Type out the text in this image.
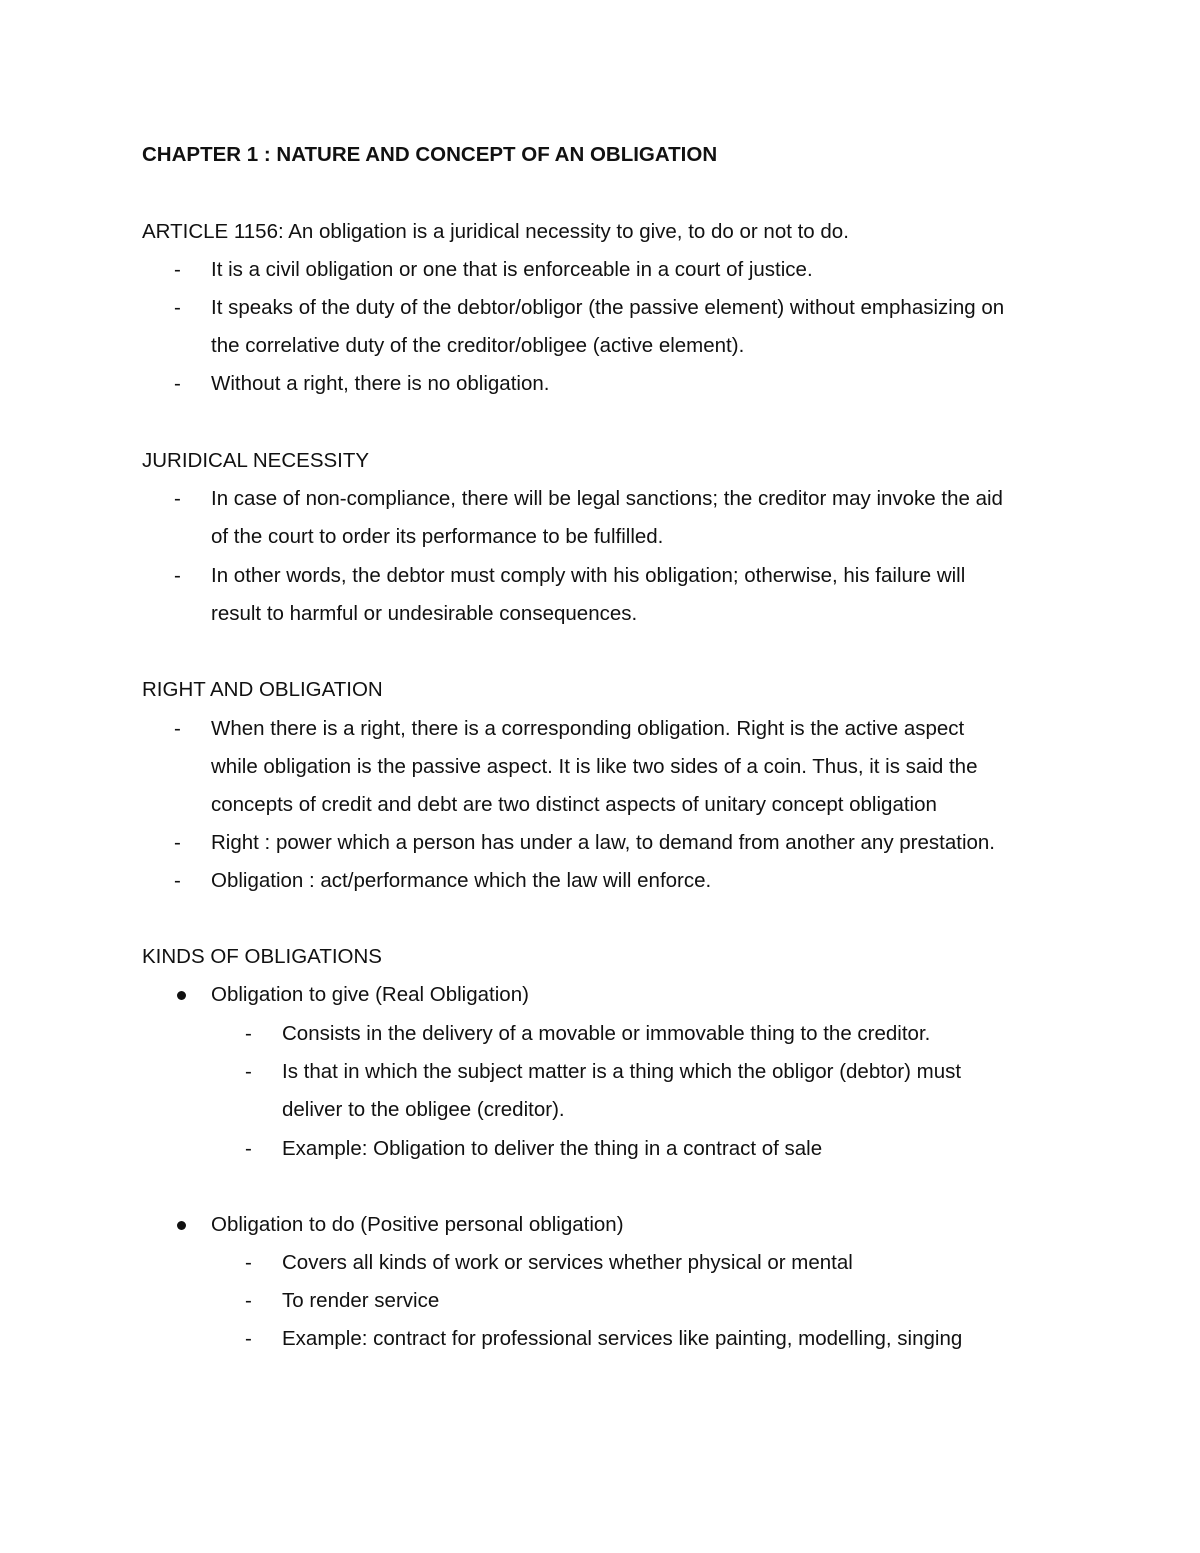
CHAPTER 1 : NATURE AND CONCEPT OF AN OBLIGATION
ARTICLE 1156: An obligation is a juridical necessity to give, to do or not to do.
- It is a civil obligation or one that is enforceable in a court of justice.
- It speaks of the duty of the debtor/obligor (the passive element) without emphasizing on
the correlative duty of the creditor/obligee (active element).
- Without a right, there is no obligation.
JURIDICAL NECESSITY
- In case of non-compliance, there will be legal sanctions; the creditor may invoke the aid
of the court to order its performance to be fulfilled.
- In other words, the debtor must comply with his obligation; otherwise, his failure will
result to harmful or undesirable consequences.
RIGHT AND OBLIGATION
- When there is a right, there is a corresponding obligation. Right is the active aspect
while obligation is the passive aspect. It is like two sides of a coin. Thus, it is said the
concepts of credit and debt are two distinct aspects of unitary concept obligation
- Right : power which a person has under a law, to demand from another any prestation.
- Obligation : act/performance which the law will enforce.
KINDS OF OBLIGATIONS
Obligation to give (Real Obligation)
- Consists in the delivery of a movable or immovable thing to the creditor.
- Is that in which the subject matter is a thing which the obligor (debtor) must
deliver to the obligee (creditor).
- Example: Obligation to deliver the thing in a contract of sale
Obligation to do (Positive personal obligation)
- Covers all kinds of work or services whether physical or mental
- To render service
- Example: contract for professional services like painting, modelling, singing
